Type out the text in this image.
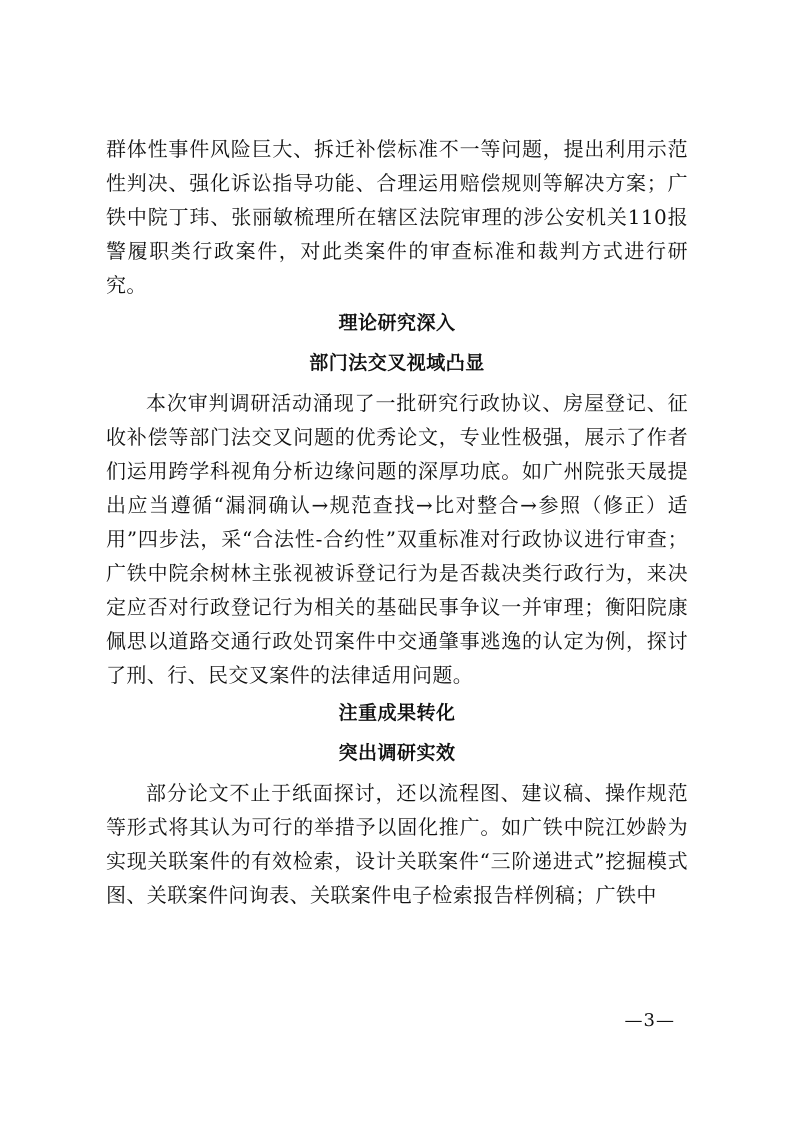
群体性事件风险巨大、拆迁补偿标准不一等问题，提出利用示范性判决、强化诉讼指导功能、合理运用赔偿规则等解决方案；广铁中院丁玮、张丽敏梳理所在辖区法院审理的涉公安机关110报警履职类行政案件，对此类案件的审查标准和裁判方式进行研究。

理论研究深入
部门法交叉视域凸显

本次审判调研活动涌现了一批研究行政协议、房屋登记、征收补偿等部门法交叉问题的优秀论文，专业性极强，展示了作者们运用跨学科视角分析边缘问题的深厚功底。如广州院张天晟提出应当遵循“漏洞确认→规范查找→比对整合→参照（修正）适用”四步法，采“合法性-合约性”双重标准对行政协议进行审查；广铁中院余树林主张视被诉登记行为是否裁决类行政行为，来决定应否对行政登记行为相关的基础民事争议一并审理；衡阳院康佩思以道路交通行政处罚案件中交通肇事逃逸的认定为例，探讨了刑、行、民交叉案件的法律适用问题。

注重成果转化
突出调研实效

部分论文不止于纸面探讨，还以流程图、建议稿、操作规范等形式将其认为可行的举措予以固化推广。如广铁中院江妙龄为实现关联案件的有效检索，设计关联案件“三阶递进式”挖掘模式图、关联案件问询表、关联案件电子检索报告样例稿；广铁中

—3—
